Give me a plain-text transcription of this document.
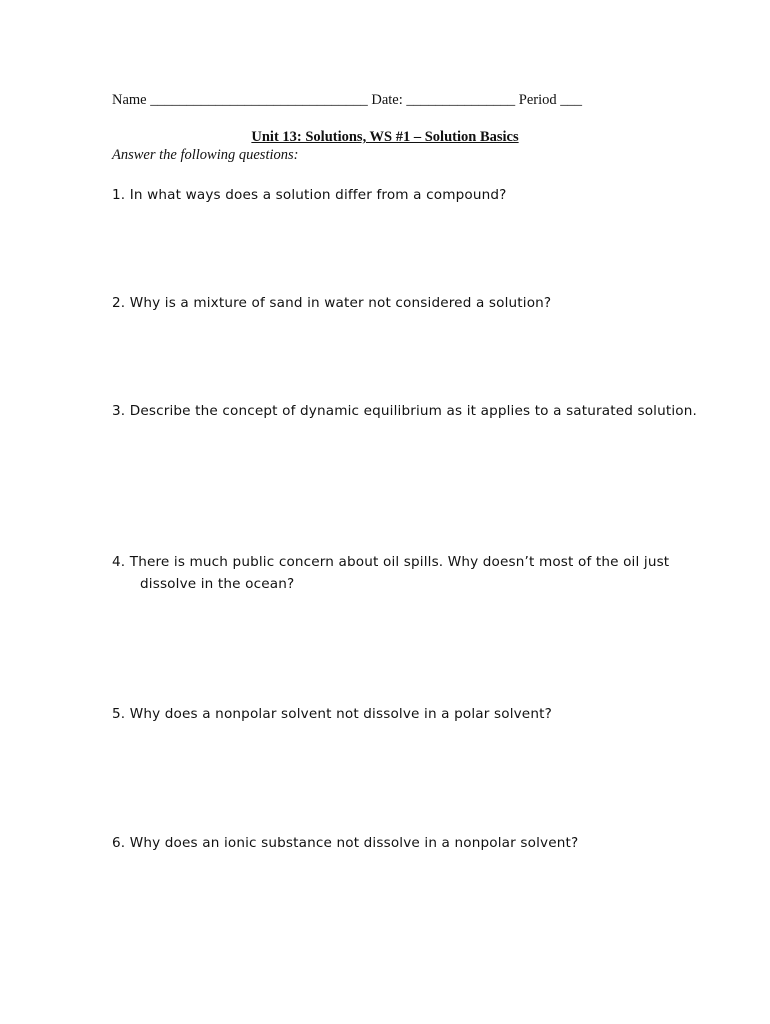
Name ______________________________ Date: _______________ Period ___
Unit 13: Solutions, WS #1 – Solution Basics
Answer the following questions:
1. In what ways does a solution differ from a compound?
2. Why is a mixture of sand in water not considered a solution?
3. Describe the concept of dynamic equilibrium as it applies to a saturated solution.
4. There is much public concern about oil spills. Why doesn’t most of the oil just dissolve in the ocean?
5. Why does a nonpolar solvent not dissolve in a polar solvent?
6. Why does an ionic substance not dissolve in a nonpolar solvent?
